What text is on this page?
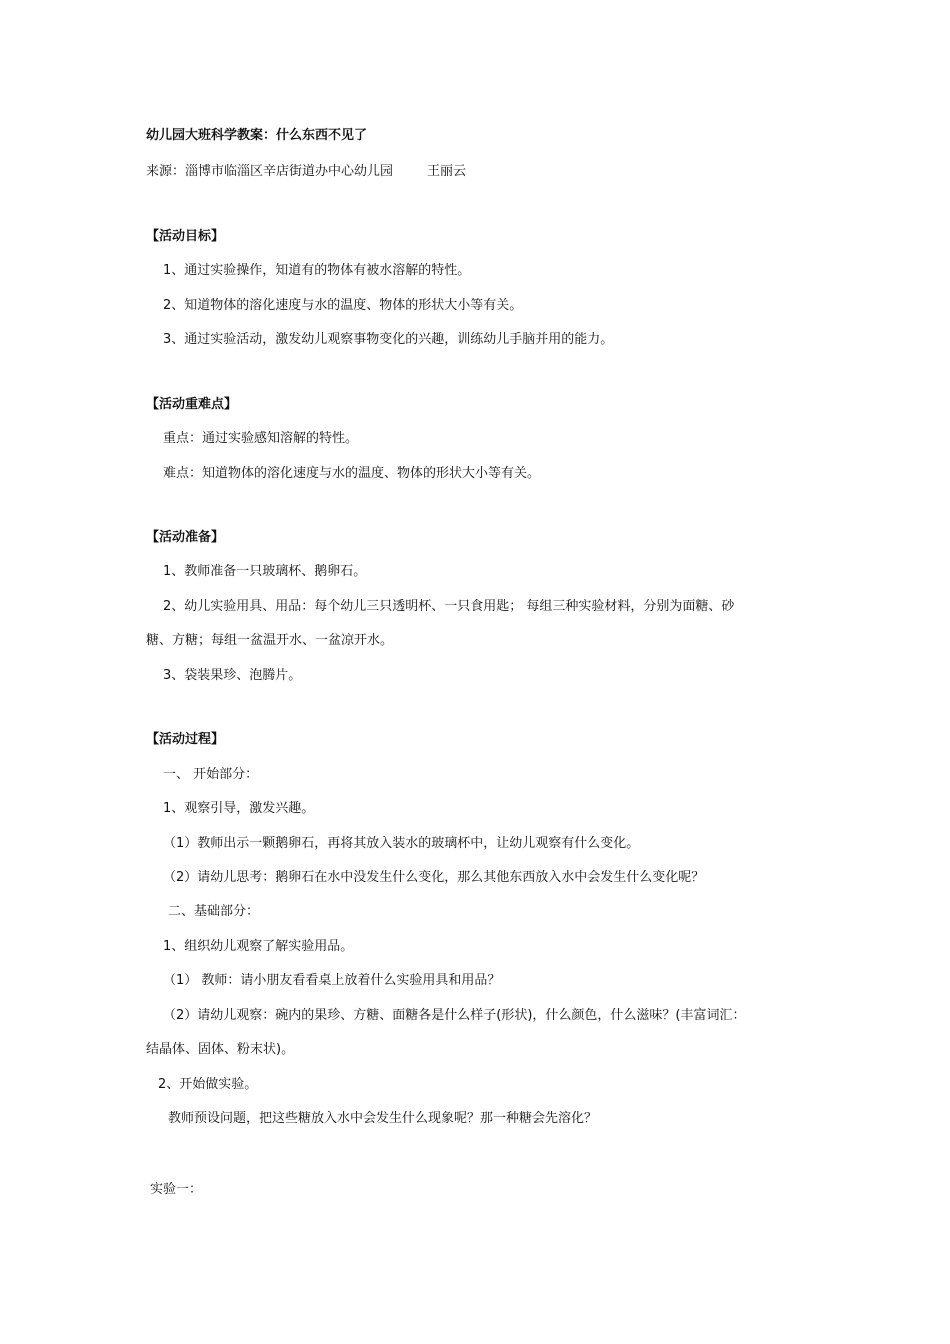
幼儿园大班科学教案：什么东西不见了
来源：淄博市临淄区辛店街道办中心幼儿园	王丽云
【活动目标】
1、通过实验操作，知道有的物体有被水溶解的特性。
2、知道物体的溶化速度与水的温度、物体的形状大小等有关。
3、通过实验活动，激发幼儿观察事物变化的兴趣，训练幼儿手脑并用的能力。
【活动重难点】
重点：通过实验感知溶解的特性。
难点：知道物体的溶化速度与水的温度、物体的形状大小等有关。
【活动准备】
1、教师准备一只玻璃杯、鹅卵石。
2、幼儿实验用具、用品：每个幼儿三只透明杯、一只食用匙； 每组三种实验材料，分别为面糖、砂
糖、方糖；每组一盆温开水、一盆凉开水。
3、袋装果珍、泡腾片。
【活动过程】
一、 开始部分：
1、观察引导，激发兴趣。
（1）教师出示一颗鹅卵石，再将其放入装水的玻璃杯中，让幼儿观察有什么变化。
（2）请幼儿思考：鹅卵石在水中没发生什么变化，那么其他东西放入水中会发生什么变化呢？
二、基础部分：
1、组织幼儿观察了解实验用品。
（1） 教师：请小朋友看看桌上放着什么实验用具和用品？
（2）请幼儿观察：碗内的果珍、方糖、面糖各是什么样子(形状)，什么颜色，什么滋味？(丰富词汇：
结晶体、固体、粉末状)。
2、开始做实验。
教师预设问题，把这些糖放入水中会发生什么现象呢？那一种糖会先溶化？
实验一：
